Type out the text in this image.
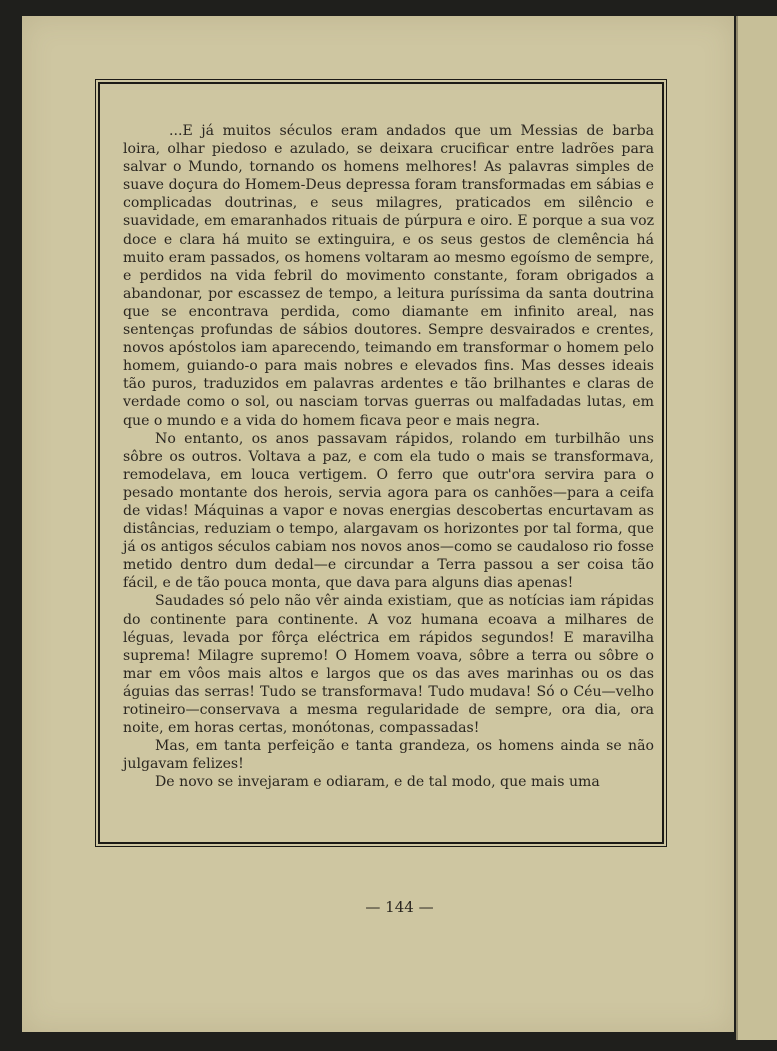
...E já muitos séculos eram andados que um Messias de barba loira, olhar piedoso e azulado, se deixara crucificar entre ladrões para salvar o Mundo, tornando os homens melhores! As palavras simples de suave doçura do Homem-Deus depressa foram transformadas em sábias e complicadas doutrinas, e seus milagres, praticados em silêncio e suavidade, em emaranhados rituais de púrpura e oiro. E porque a sua voz doce e clara há muito se extinguira, e os seus gestos de clemência há muito eram passados, os homens voltaram ao mesmo egoísmo de sempre, e perdidos na vida febril do movimento constante, foram obrigados a abandonar, por escassez de tempo, a leitura puríssima da santa doutrina que se encontrava perdida, como diamante em infinito areal, nas sentenças profundas de sábios doutores. Sempre desvairados e crentes, novos apóstolos iam aparecendo, teimando em transformar o homem pelo homem, guiando-o para mais nobres e elevados fins. Mas desses ideais tão puros, traduzidos em palavras ardentes e tão brilhantes e claras de verdade como o sol, ou nasciam torvas guerras ou malfadadas lutas, em que o mundo e a vida do homem ficava peor e mais negra.

No entanto, os anos passavam rápidos, rolando em turbilhão uns sôbre os outros. Voltava a paz, e com ela tudo o mais se transformava, remodelava, em louca vertigem. O ferro que outr'ora servira para o pesado montante dos herois, servia agora para os canhões—para a ceifa de vidas! Máquinas a vapor e novas energias descobertas encurtavam as distâncias, reduziam o tempo, alargavam os horizontes por tal forma, que já os antigos séculos cabiam nos novos anos—como se caudaloso rio fosse metido dentro dum dedal—e circundar a Terra passou a ser coisa tão fácil, e de tão pouca monta, que dava para alguns dias apenas!

Saudades só pelo não vêr ainda existiam, que as notícias iam rápidas do continente para continente. A voz humana ecoava a milhares de léguas, levada por fôrça eléctrica em rápidos segundos! E maravilha suprema! Milagre supremo! O Homem voava, sôbre a terra ou sôbre o mar em vôos mais altos e largos que os das aves marinhas ou os das águias das serras! Tudo se transformava! Tudo mudava! Só o Céu—velho rotineiro—conservava a mesma regularidade de sempre, ora dia, ora noite, em horas certas, monótonas, compassadas!

Mas, em tanta perfeição e tanta grandeza, os homens ainda se não julgavam felizes!

De novo se invejaram e odiaram, e de tal modo, que mais uma

— 144 —
